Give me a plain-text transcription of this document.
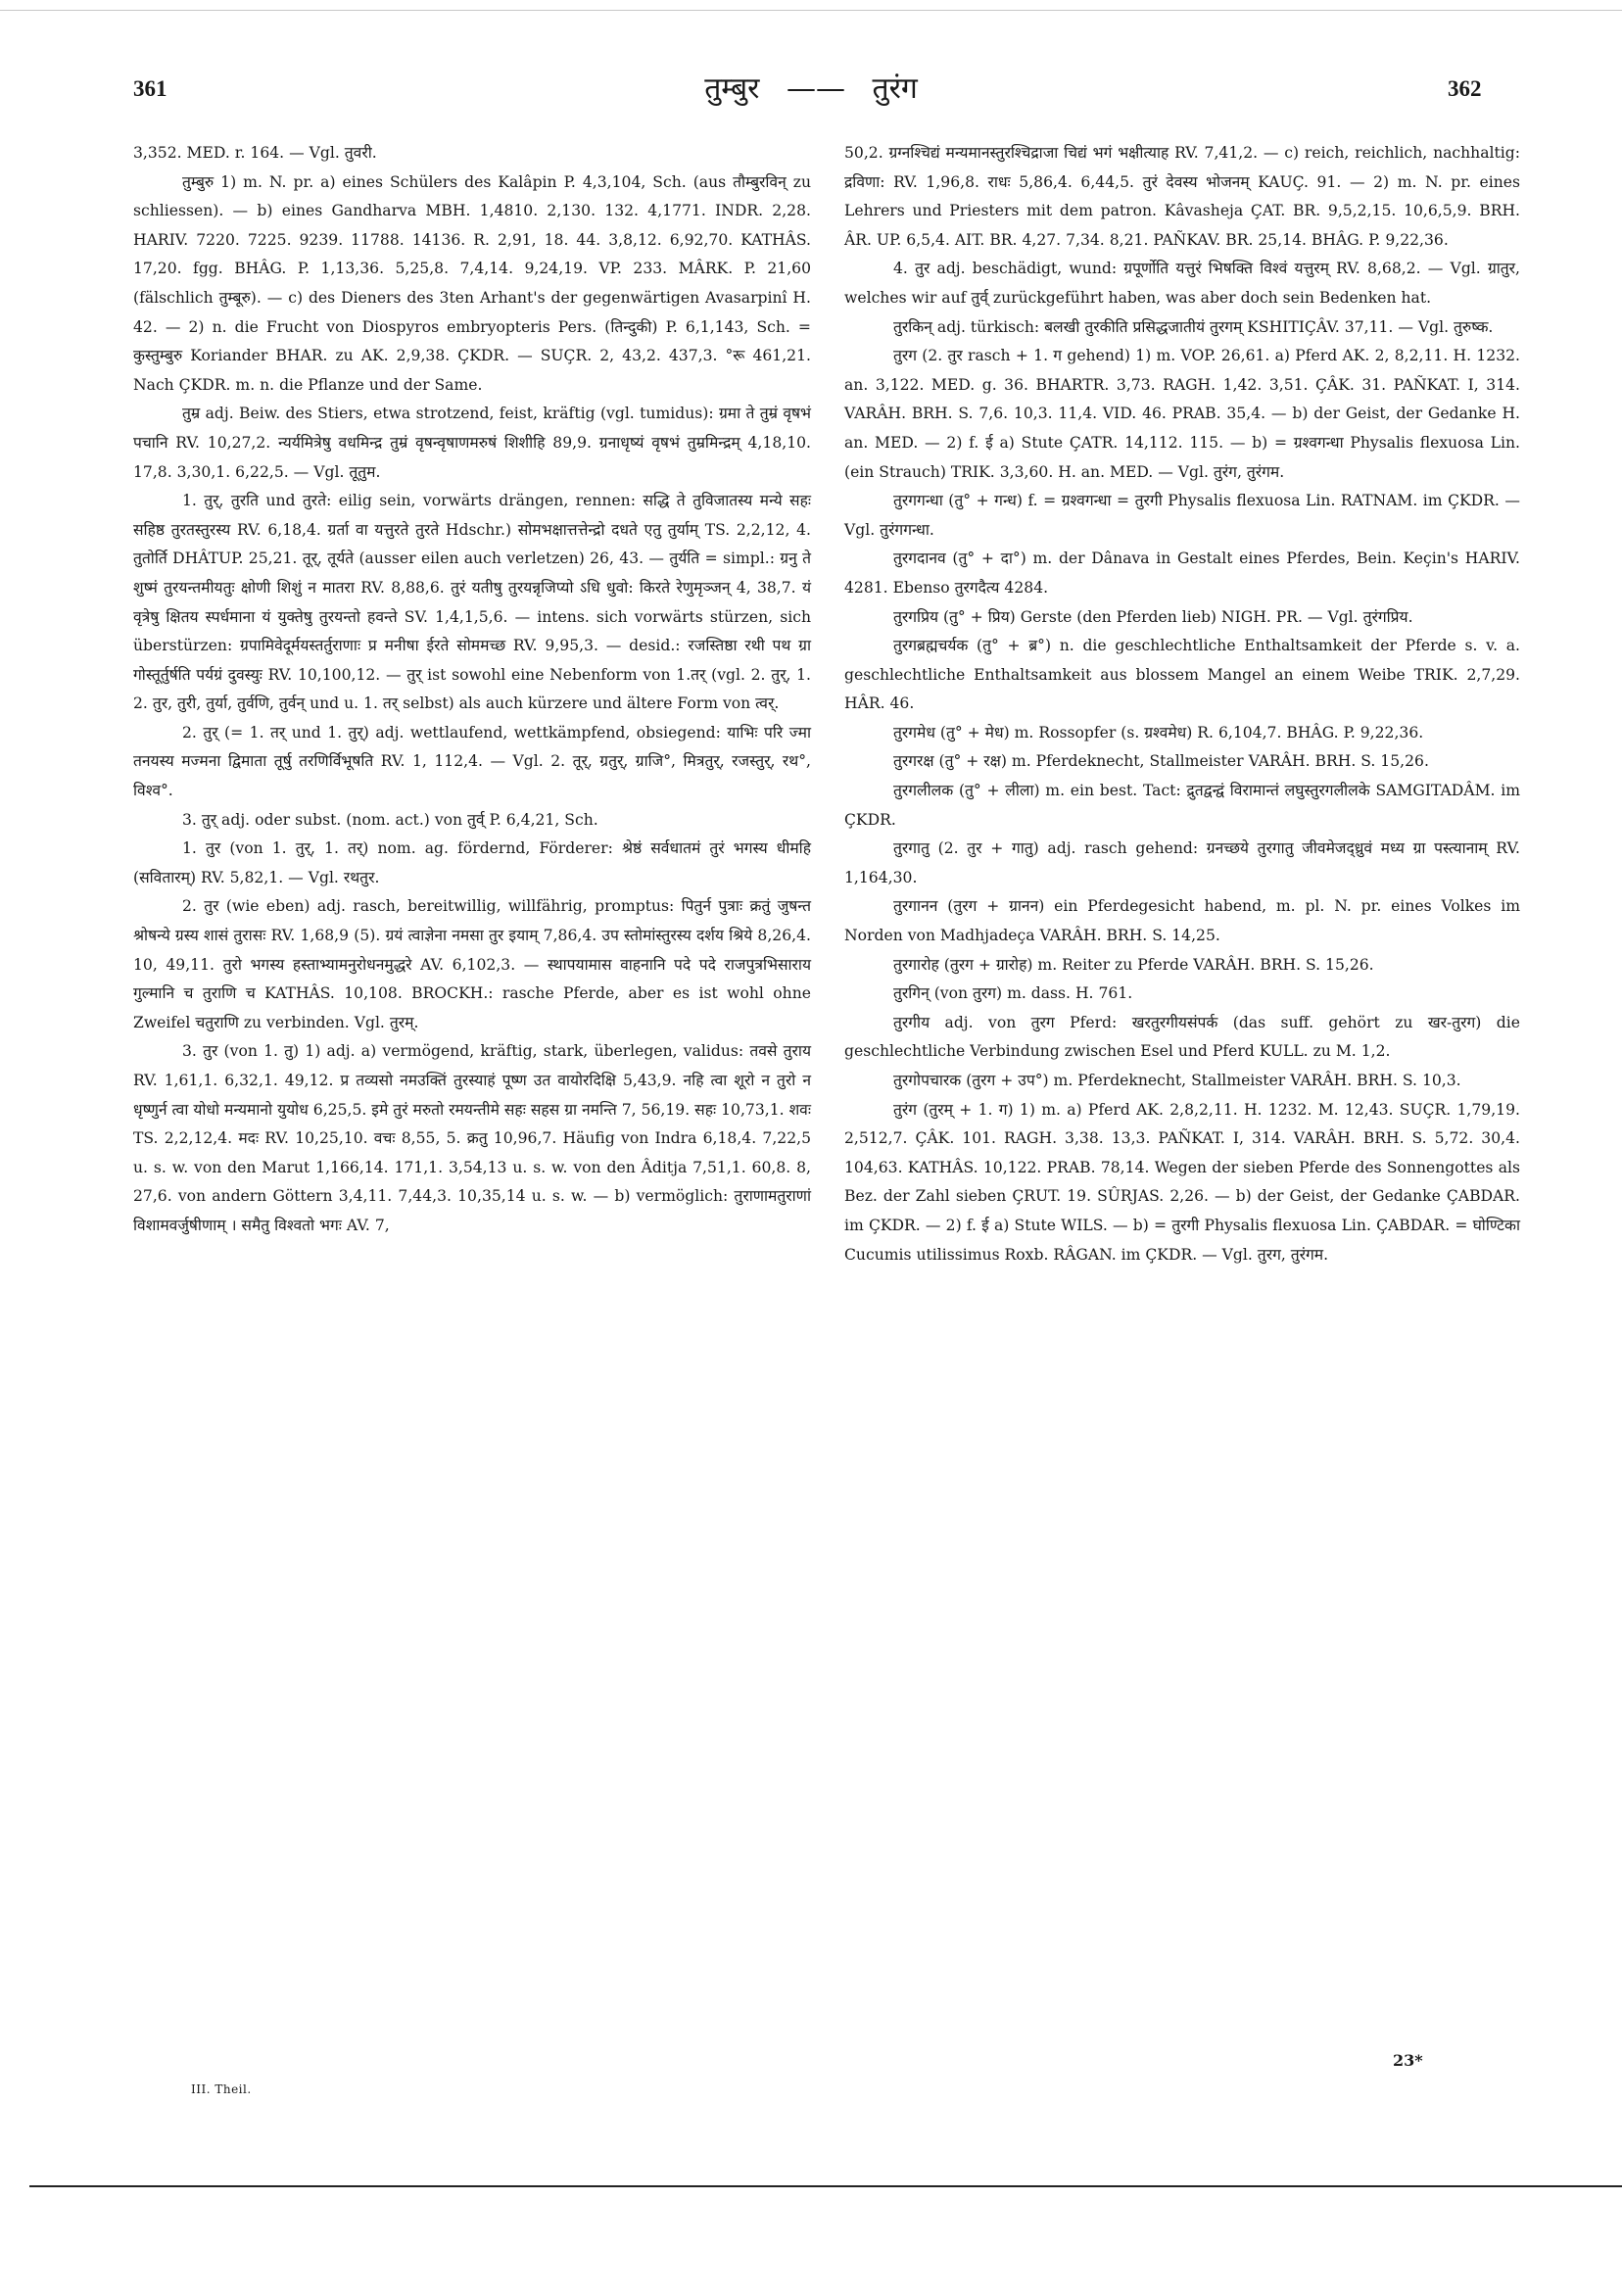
361	तुम्बुर —— तुरंग	362

3,352. MED. r. 164. — Vgl. तुवरी.

तुम्बुरु 1) m. N. pr. a) eines Schülers des Kalâpin P. 4,3,104, Sch. (aus तौम्बुरविन् zu schliessen). — b) eines Gandharva MBH. 1,4810. 2,130. 132. 4,1771. INDR. 2,28. HARIV. 7220. 7225. 9239. 11788. 14136. R. 2,91, 18. 44. 3,8,12. 6,92,70. KATHÂS. 17,20. fgg. BHÂG. P. 1,13,36. 5,25,8. 7,4,14. 9,24,19. VP. 233. MÂRK. P. 21,60 (fälschlich तुम्बूरु). — c) des Dieners des 3ten Arhant's der gegenwärtigen Avasarpinî H. 42. — 2) n. die Frucht von Diospyros embryopteris Pers. (तिन्दुकी) P. 6,1,143, Sch. = कुस्तुम्बुरु Koriander BHAR. zu AK. 2,9,38. ÇKDR. — SUÇR. 2, 43,2. 437,3. °रू 461,21. Nach ÇKDR. m. n. die Pflanze und der Same.

तुम्र adj. Beiw. des Stiers, etwa strotzend, feist, kräftig (vgl. tumidus): ग्रमा ते तुम्रं वृषभं पचानि RV. 10,27,2. न्यर्यमित्रेषु वधमिन्द्र तुम्रं वृषन्वृषाणमरुषं शिशीहि 89,9. ग्रनाधृष्यं वृषभं तुम्रमिन्द्रम् 4,18,10. 17,8. 3,30,1. 6,22,5. — Vgl. तूतुम.

1. तुर्, तुरति und तुरते: eilig sein, vorwärts drängen, rennen: सद्धि ते तुविजातस्य मन्ये सहः सहिष्ठ तुरतस्तुरस्य RV. 6,18,4. ग्रर्ता वा यत्तुरते तुरते Hdschr.) सोमभक्षात्तत्तेन्द्रो दधते एतु तुर्याम् TS. 2,2,12, 4. तुतोर्ति DHÂTUP. 25,21. तूर्, तूर्यते (ausser eilen auch verletzen) 26, 43. — तुर्यति = simpl.: ग्रनु ते शुष्मं तुरयन्तमीयतुः क्षोणी शिशुं न मातरा RV. 8,88,6. तुरं यतीषु तुरयन्नृजिप्यो ऽधि धुवो: किरते रेणुमृञ्जन् 4, 38,7. यं वृत्रेषु क्षितय स्पर्धमाना यं युक्तेषु तुरयन्तो हवन्ते SV. 1,4,1,5,6. — intens. sich vorwärts stürzen, sich überstürzen: ग्रपामिवेदूर्मयस्तर्तुराणाः प्र मनीषा ईरते सोममच्छ RV. 9,95,3. — desid.: रजस्तिष्ठा रथी पथ ग्रा गोस्तूर्तुर्षति पर्यग्रं दुवस्युः RV. 10,100,12. — तुर् ist sowohl eine Nebenform von 1.तर् (vgl. 2. तुर्, 1. 2. तुर, तुरी, तुर्या, तुर्वणि, तुर्वन् und u. 1. तर् selbst) als auch kürzere und ältere Form von त्वर्.

2. तुर् (= 1. तर् und 1. तुर्) adj. wettlaufend, wettkämpfend, obsiegend: याभिः परि ज्मा तनयस्य मज्मना द्विमाता तूर्षु तरणिर्विभूषति RV. 1, 112,4. — Vgl. 2. तूर्, ग्रतुर्, ग्राजि°, मित्रतुर्, रजस्तुर्, रथ°, विश्व°.

3. तुर् adj. oder subst. (nom. act.) von तुर्व् P. 6,4,21, Sch.

1. तुर (von 1. तुर्, 1. तर्) nom. ag. fördernd, Förderer: श्रेष्ठं सर्वधातमं तुरं भगस्य धीमहि (सवितारम्) RV. 5,82,1. — Vgl. रथतुर.

2. तुर (wie eben) adj. rasch, bereitwillig, willfährig, promptus: पितुर्न पुत्राः क्रतुं जुषन्त श्रोषन्ये ग्रस्य शासं तुरासः RV. 1,68,9 (5). ग्रयं त्वाज्ञेना नमसा तुर इयाम् 7,86,4. उप स्तोमांस्तुरस्य दर्शय श्रिये 8,26,4. 10, 49,11. तुरो भगस्य हस्ताभ्यामनुरोधनमुद्धरे AV. 6,102,3. — स्थापयामास वाहनानि पदे पदे राजपुत्रभिसाराय गुल्मानि च तुराणि च KATHÂS. 10,108. BROCKH.: rasche Pferde, aber es ist wohl ohne Zweifel चतुराणि zu verbinden. Vgl. तुरम्.

3. तुर (von 1. तु) 1) adj. a) vermögend, kräftig, stark, überlegen, validus: तवसे तुराय RV. 1,61,1. 6,32,1. 49,12. प्र तव्यसो नमउक्तिं तुरस्याहं पूष्ण उत वायोरदिक्षि 5,43,9. नहि त्वा शूरो न तुरो न धृष्णुर्न त्वा योधो मन्यमानो युयोध 6,25,5. इमे तुरं मरुतो रमयन्तीमे सहः सहस ग्रा नमन्ति 7, 56,19. सहः 10,73,1. शवः TS. 2,2,12,4. मदः RV. 10,25,10. वचः 8,55, 5. क्रतु 10,96,7. Häufig von Indra 6,18,4. 7,22,5 u. s. w. von den Marut 1,166,14. 171,1. 3,54,13 u. s. w. von den Âditja 7,51,1. 60,8. 8, 27,6. von andern Göttern 3,4,11. 7,44,3. 10,35,14 u. s. w. — b) vermöglich: तुराणामतुराणां विशामवर्जुषीणाम् । समैतु विश्वतो भगः AV. 7,

50,2. ग्रग्नश्चिद्यं मन्यमानस्तुरश्चिद्राजा चिद्यं भगं भक्षीत्याह RV. 7,41,2. — c) reich, reichlich, nachhaltig: द्रविणा: RV. 1,96,8. राधः 5,86,4. 6,44,5. तुरं देवस्य भोजनम् KAUÇ. 91. — 2) m. N. pr. eines Lehrers und Priesters mit dem patron. Kâvasheja ÇAT. BR. 9,5,2,15. 10,6,5,9. BRH. ÂR. UP. 6,5,4. AIT. BR. 4,27. 7,34. 8,21. PAÑKAV. BR. 25,14. BHÂG. P. 9,22,36.

4. तुर adj. beschädigt, wund: ग्रपूर्णोति यत्तुरं भिषक्ति विश्वं यत्तुरम् RV. 8,68,2. — Vgl. ग्रातुर, welches wir auf तुर्व् zurückgeführt haben, was aber doch sein Bedenken hat.

तुरकिन् adj. türkisch: बलखी तुरकीति प्रसिद्धजातीयं तुरगम् KSHITIÇÂV. 37,11. — Vgl. तुरुष्क.

तुरग (2. तुर rasch + 1. ग gehend) 1) m. VOP. 26,61. a) Pferd AK. 2, 8,2,11. H. 1232. an. 3,122. MED. g. 36. BHARTR. 3,73. RAGH. 1,42. 3,51. ÇÂK. 31. PAÑKAT. I, 314. VARÂH. BRH. S. 7,6. 10,3. 11,4. VID. 46. PRAB. 35,4. — b) der Geist, der Gedanke H. an. MED. — 2) f. ई a) Stute ÇATR. 14,112. 115. — b) = ग्रश्वगन्धा Physalis flexuosa Lin. (ein Strauch) TRIK. 3,3,60. H. an. MED. — Vgl. तुरंग, तुरंगम.

तुरगगन्धा (तु° + गन्ध) f. = ग्रश्वगन्धा = तुरगी Physalis flexuosa Lin. RATNAM. im ÇKDR. — Vgl. तुरंगगन्धा.

तुरगदानव (तु° + दा°) m. der Dânava in Gestalt eines Pferdes, Bein. Keçin's HARIV. 4281. Ebenso तुरगदैत्य 4284.

तुरगप्रिय (तु° + प्रिय) Gerste (den Pferden lieb) NIGH. PR. — Vgl. तुरंगप्रिय.

तुरगब्रह्मचर्यक (तु° + ब्र°) n. die geschlechtliche Enthaltsamkeit der Pferde s. v. a. geschlechtliche Enthaltsamkeit aus blossem Mangel an einem Weibe TRIK. 2,7,29. HÂR. 46.

तुरगमेध (तु° + मेध) m. Rossopfer (s. ग्रश्वमेध) R. 6,104,7. BHÂG. P. 9,22,36.

तुरगरक्ष (तु° + रक्ष) m. Pferdeknecht, Stallmeister VARÂH. BRH. S. 15,26.

तुरगलीलक (तु° + लीला) m. ein best. Tact: द्रुतद्वन्द्वं विरामान्तं लघुस्तुरगलीलके SAMGITADÂM. im ÇKDR.

तुरगातु (2. तुर + गातु) adj. rasch gehend: ग्रनच्छये तुरगातु जीवमेजद्ध्रुवं मध्य ग्रा पस्त्यानाम् RV. 1,164,30.

तुरगानन (तुरग + ग्रानन) ein Pferdegesicht habend, m. pl. N. pr. eines Volkes im Norden von Madhjadeça VARÂH. BRH. S. 14,25.

तुरगारोह (तुरग + ग्रारोह) m. Reiter zu Pferde VARÂH. BRH. S. 15,26.

तुरगिन् (von तुरग) m. dass. H. 761.

तुरगीय adj. von तुरग Pferd: खरतुरगीयसंपर्क (das suff. gehört zu खर-तुरग) die geschlechtliche Verbindung zwischen Esel und Pferd KULL. zu M. 1,2.

तुरगोपचारक (तुरग + उप°) m. Pferdeknecht, Stallmeister VARÂH. BRH. S. 10,3.

तुरंग (तुरम् + 1. ग) 1) m. a) Pferd AK. 2,8,2,11. H. 1232. M. 12,43. SUÇR. 1,79,19. 2,512,7. ÇÂK. 101. RAGH. 3,38. 13,3. PAÑKAT. I, 314. VARÂH. BRH. S. 5,72. 30,4. 104,63. KATHÂS. 10,122. PRAB. 78,14. Wegen der sieben Pferde des Sonnengottes als Bez. der Zahl sieben ÇRUT. 19. SÛRJAS. 2,26. — b) der Geist, der Gedanke ÇABDAR. im ÇKDR. — 2) f. ई a) Stute WILS. — b) = तुरगी Physalis flexuosa Lin. ÇABDAR. = घोण्टिका Cucumis utilissimus Roxb. RÂGAN. im ÇKDR. — Vgl. तुरग, तुरंगम.

23*
III. Theil.
